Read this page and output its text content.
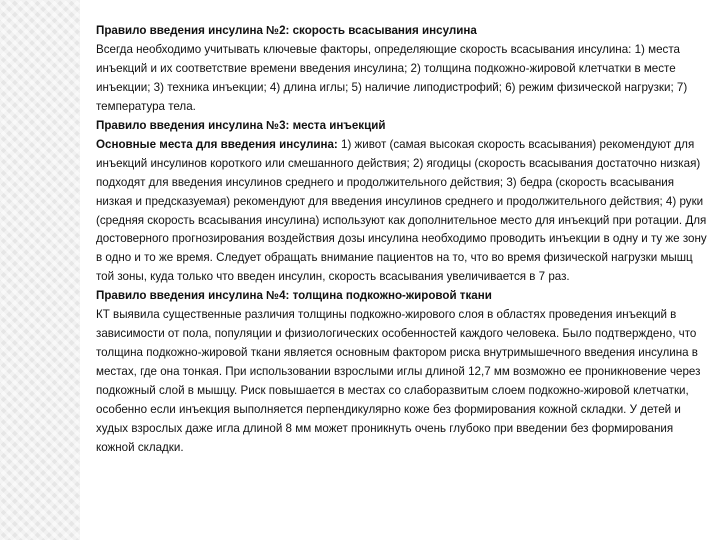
Правило введения инсулина №2: скорость всасывания инсулина

Всегда необходимо учитывать ключевые факторы, определяющие скорость всасывания инсулина: 1) места инъекций и их соответствие времени введения инсулина; 2) толщина подкожно-жировой клетчатки в месте инъекции; 3) техника инъекции; 4) длина иглы; 5) наличие липодистрофий; 6) режим физической нагрузки; 7) температура тела.

Правило введения инсулина №3: места инъекций

Основные места для введения инсулина: 1) живот (самая высокая скорость всасывания) рекомендуют для инъекций инсулинов короткого или смешанного действия; 2) ягодицы (скорость всасывания достаточно низкая) подходят для введения инсулинов среднего и продолжительного действия; 3) бедра (скорость всасывания низкая и предсказуемая) рекомендуют для введения инсулинов среднего и продолжительного действия; 4) руки (средняя скорость всасывания инсулина) используют как дополнительное место для инъекций при ротации. Для достоверного прогнозирования воздействия дозы инсулина необходимо проводить инъекции в одну и ту же зону в одно и то же время. Следует обращать внимание пациентов на то, что во время физической нагрузки мышц той зоны, куда только что введен инсулин, скорость всасывания увеличивается в 7 раз.

Правило введения инсулина №4: толщина подкожно-жировой ткани

КТ выявила существенные различия толщины подкожно-жирового слоя в областях проведения инъекций в зависимости от пола, популяции и физиологических особенностей каждого человека. Было подтверждено, что толщина подкожно-жировой ткани является основным фактором риска внутримышечного введения инсулина в местах, где она тонкая. При использовании взрослыми иглы длиной 12,7 мм возможно ее проникновение через подкожный слой в мышцу. Риск повышается в местах со слаборазвитым слоем подкожно-жировой клетчатки, особенно если инъекция выполняется перпендикулярно коже без формирования кожной складки. У детей и худых взрослых даже игла длиной 8 мм может проникнуть очень глубоко при введении без формирования кожной складки.
